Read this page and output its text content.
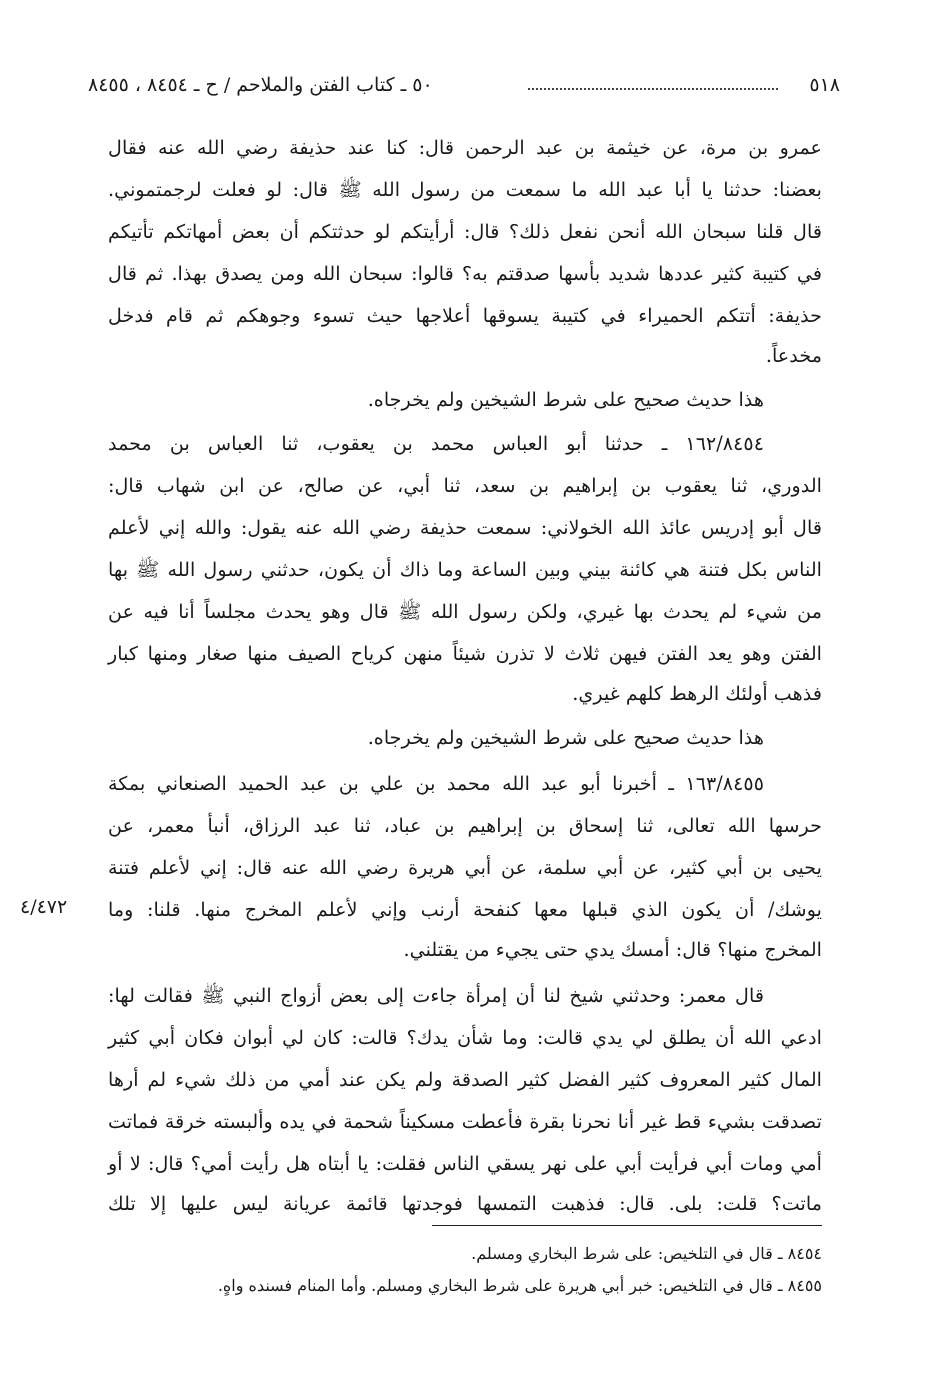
٥١٨
٥٠ ـ كتاب الفتن والملاحم / ح ـ ٨٤٥٤ ، ٨٤٥٥
عمرو بن مرة، عن خيثمة بن عبد الرحمن قال: كنا عند حذيفة رضي الله عنه فقال
بعضنا: حدثنا يا أبا عبد الله ما سمعت من رسول الله ﷺ قال: لو فعلت لرجمتموني.
قال قلنا سبحان الله أنحن نفعل ذلك؟ قال: أرأيتكم لو حدثتكم أن بعض أمهاتكم تأتيكم
في كتيبة كثير عددها شديد بأسها صدقتم به؟ قالوا: سبحان الله ومن يصدق بهذا. ثم قال
حذيفة: أتتكم الحميراء في كتيبة يسوقها أعلاجها حيث تسوء وجوهكم ثم قام فدخل
مخدعاً.
هذا حديث صحيح على شرط الشيخين ولم يخرجاه.
١٦٢/٨٤٥٤ ـ حدثنا أبو العباس محمد بن يعقوب، ثنا العباس بن محمد
الدوري، ثنا يعقوب بن إبراهيم بن سعد، ثنا أبي، عن صالح، عن ابن شهاب قال:
قال أبو إدريس عائذ الله الخولاني: سمعت حذيفة رضي الله عنه يقول: والله إني لأعلم
الناس بكل فتنة هي كائنة بيني وبين الساعة وما ذاك أن يكون، حدثني رسول الله ﷺ بها
من شيء لم يحدث بها غيري، ولكن رسول الله ﷺ قال وهو يحدث مجلساً أنا فيه عن
الفتن وهو يعد الفتن فيهن ثلاث لا تذرن شيئاً منهن كرياح الصيف منها صغار ومنها كبار
فذهب أولئك الرهط كلهم غيري.
هذا حديث صحيح على شرط الشيخين ولم يخرجاه.
١٦٣/٨٤٥٥ ـ أخبرنا أبو عبد الله محمد بن علي بن عبد الحميد الصنعاني بمكة
حرسها الله تعالى، ثنا إسحاق بن إبراهيم بن عباد، ثنا عبد الرزاق، أنبأ معمر، عن
يحيى بن أبي كثير، عن أبي سلمة، عن أبي هريرة رضي الله عنه قال: إني لأعلم فتنة
يوشك/ أن يكون الذي قبلها معها كنفحة أرنب وإني لأعلم المخرج منها. قلنا: وما
المخرج منها؟ قال: أمسك يدي حتى يجيء من يقتلني.
٤/٤٧٢
قال معمر: وحدثني شيخ لنا أن إمرأة جاءت إلى بعض أزواج النبي ﷺ فقالت لها:
ادعي الله أن يطلق لي يدي قالت: وما شأن يدك؟ قالت: كان لي أبوان فكان أبي كثير
المال كثير المعروف كثير الفضل كثير الصدقة ولم يكن عند أمي من ذلك شيء لم أرها
تصدقت بشيء قط غير أنا نحرنا بقرة فأعطت مسكيناً شحمة في يده وألبسته خرقة فماتت
أمي ومات أبي فرأيت أبي على نهر يسقي الناس فقلت: يا أبتاه هل رأيت أمي؟ قال: لا أو
ماتت؟ قلت: بلى. قال: فذهبت التمسها فوجدتها قائمة عريانة ليس عليها إلا تلك
٨٤٥٤ ـ قال في التلخيص: على شرط البخاري ومسلم.
٨٤٥٥ ـ قال في التلخيص: خبر أبي هريرة على شرط البخاري ومسلم. وأما المنام فسنده واهٍ.
